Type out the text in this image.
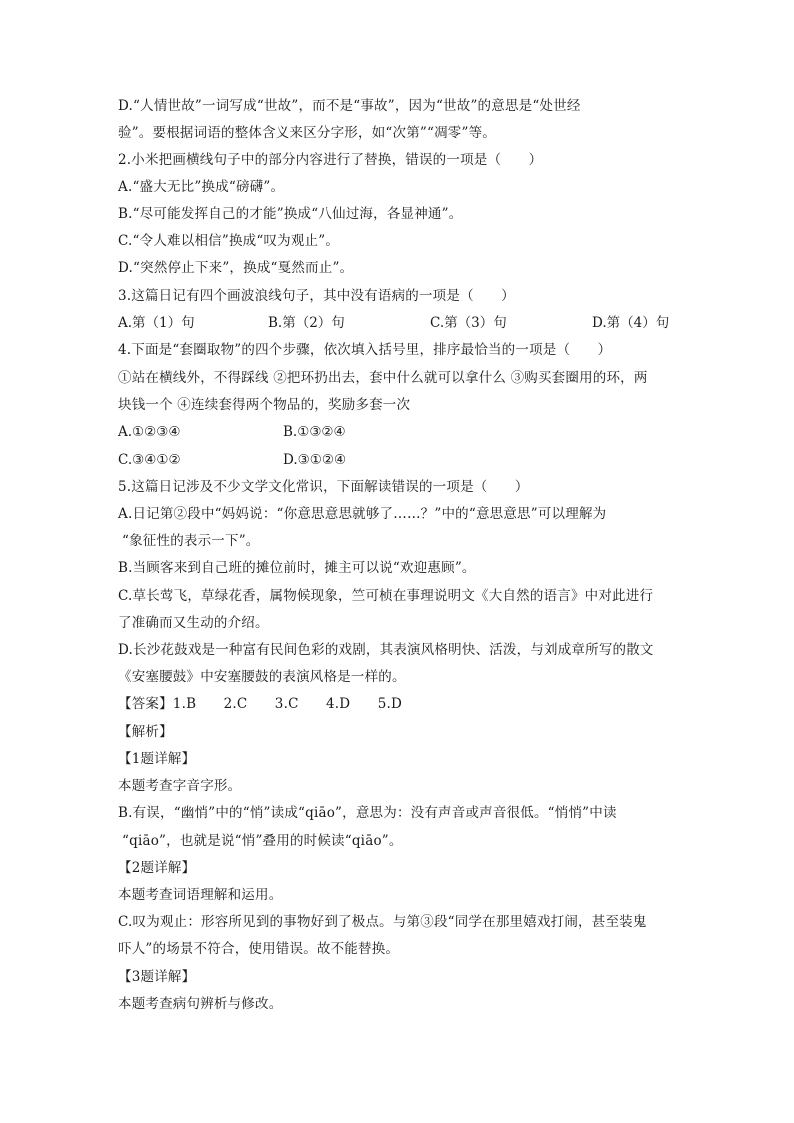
D.“人情世故”一词写成“世故”，而不是“事故”，因为“世故”的意思是“处世经
验”。要根据词语的整体含义来区分字形，如“次第”“凋零”等。
2.小米把画横线句子中的部分内容进行了替换，错误的一项是（　　）
A.“盛大无比”换成“磅礴”。
B.“尽可能发挥自己的才能”换成“八仙过海，各显神通”。
C.“令人难以相信”换成“叹为观止”。
D.“突然停止下来”，换成“戛然而止”。
3.这篇日记有四个画波浪线句子，其中没有语病的一项是（　　）
A.第（1）句	B.第（2）句	C.第（3）句	D.第（4）句
4.下面是“套圈取物”的四个步骤，依次填入括号里，排序最恰当的一项是（　　）
①站在横线外，不得踩线 ②把环扔出去，套中什么就可以拿什么 ③购买套圈用的环，两
块钱一个 ④连续套得两个物品的，奖励多套一次
A.①②③④	B.①③②④
C.③④①②	D.③①②④
5.这篇日记涉及不少文学文化常识，下面解读错误的一项是（　　）
A.日记第②段中“妈妈说：“你意思意思就够了……？”中的“意思意思”可以理解为
“象征性的表示一下”。
B.当顾客来到自己班的摊位前时，摊主可以说“欢迎惠顾”。
C.草长莺飞，草绿花香，属物候现象，竺可桢在事理说明文《大自然的语言》中对此进行
了准确而又生动的介绍。
D.长沙花鼓戏是一种富有民间色彩的戏剧，其表演风格明快、活泼，与刘成章所写的散文
《安塞腰鼓》中安塞腰鼓的表演风格是一样的。
【答案】1.B　　2.C　　3.C　　4.D　　5.D
【解析】
【1题详解】
本题考查字音字形。
B.有误，“幽悄”中的“悄”读成“qiāo”，意思为：没有声音或声音很低。“悄悄”中读
“qiāo”，也就是说“悄”叠用的时候读“qiāo”。
【2题详解】
本题考查词语理解和运用。
C.叹为观止：形容所见到的事物好到了极点。与第③段“同学在那里嬉戏打闹，甚至装鬼
吓人”的场景不符合，使用错误。故不能替换。
【3题详解】
本题考查病句辨析与修改。
